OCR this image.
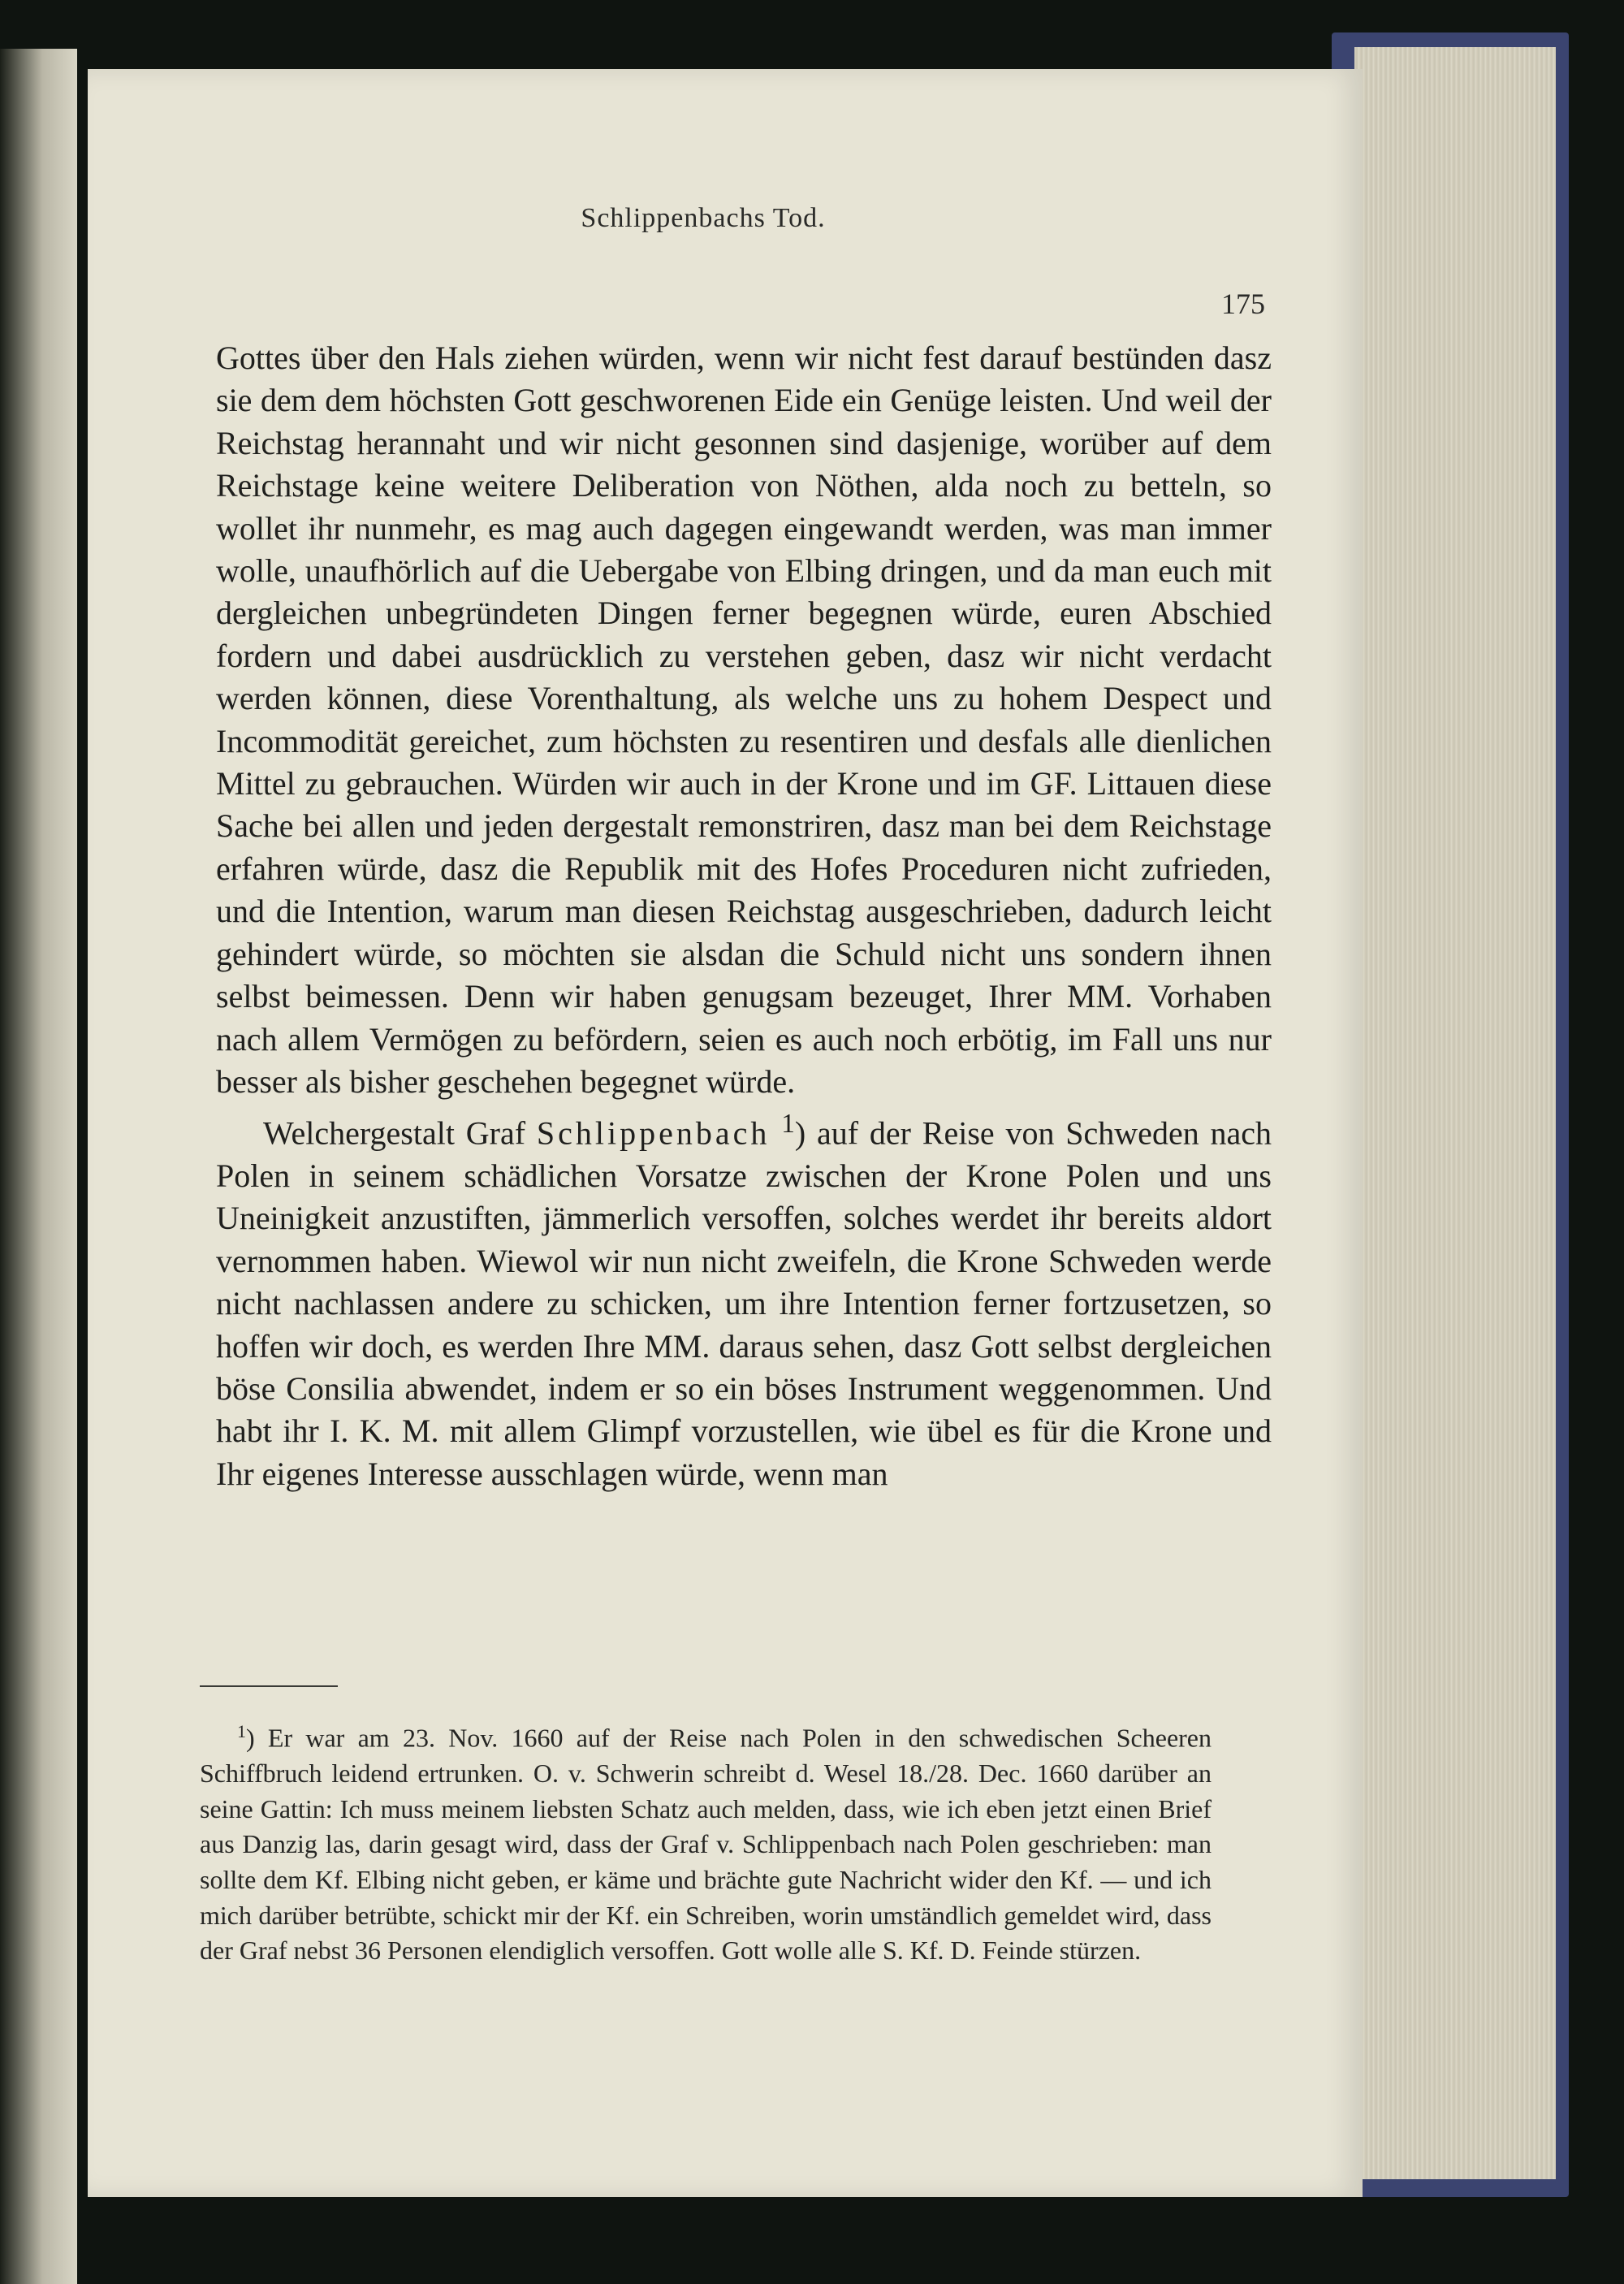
Schlippenbachs Tod.
175

Gottes über den Hals ziehen würden, wenn wir nicht fest darauf bestünden dasz sie dem dem höchsten Gott geschworenen Eide ein Genüge leisten. Und weil der Reichstag herannaht und wir nicht gesonnen sind dasjenige, worüber auf dem Reichstage keine weitere Deliberation von Nöthen, alda noch zu betteln, so wollet ihr nunmehr, es mag auch dagegen eingewandt werden, was man immer wolle, unaufhörlich auf die Uebergabe von Elbing dringen, und da man euch mit dergleichen unbegründeten Dingen ferner begegnen würde, euren Abschied fordern und dabei ausdrücklich zu verstehen geben, dasz wir nicht verdacht werden können, diese Vorenthaltung, als welche uns zu hohem Despect und Incommodität gereichet, zum höchsten zu resentiren und desfals alle dienlichen Mittel zu gebrauchen. Würden wir auch in der Krone und im GF. Littauen diese Sache bei allen und jeden dergestalt remonstriren, dasz man bei dem Reichstage erfahren würde, dasz die Republik mit des Hofes Proceduren nicht zufrieden, und die Intention, warum man diesen Reichstag ausgeschrieben, dadurch leicht gehindert würde, so möchten sie alsdan die Schuld nicht uns sondern ihnen selbst beimessen. Denn wir haben genugsam bezeuget, Ihrer MM. Vorhaben nach allem Vermögen zu befördern, seien es auch noch erbötig, im Fall uns nur besser als bisher geschehen begegnet würde.

Welchergestalt Graf Schlippenbach $^1$) auf der Reise von Schweden nach Polen in seinem schädlichen Vorsatze zwischen der Krone Polen und uns Uneinigkeit anzustiften, jämmerlich versoffen, solches werdet ihr bereits aldort vernommen haben. Wiewol wir nun nicht zweifeln, die Krone Schweden werde nicht nachlassen andere zu schicken, um ihre Intention ferner fortzusetzen, so hoffen wir doch, es werden Ihre MM. daraus sehen, dasz Gott selbst dergleichen böse Consilia abwendet, indem er so ein böses Instrument weggenommen. Und habt ihr I. K. M. mit allem Glimpf vorzustellen, wie übel es für die Krone und Ihr eigenes Interesse ausschlagen würde, wenn man

$^1$) Er war am 23. Nov. 1660 auf der Reise nach Polen in den schwedischen Scheeren Schiffbruch leidend ertrunken. O. v. Schwerin schreibt d. Wesel 18./28. Dec. 1660 darüber an seine Gattin: Ich muss meinem liebsten Schatz auch melden, dass, wie ich eben jetzt einen Brief aus Danzig las, darin gesagt wird, dass der Graf v. Schlippenbach nach Polen geschrieben: man sollte dem Kf. Elbing nicht geben, er käme und brächte gute Nachricht wider den Kf. — und ich mich darüber betrübte, schickt mir der Kf. ein Schreiben, worin umständlich gemeldet wird, dass der Graf nebst 36 Personen elendiglich versoffen. Gott wolle alle S. Kf. D. Feinde stürzen.
